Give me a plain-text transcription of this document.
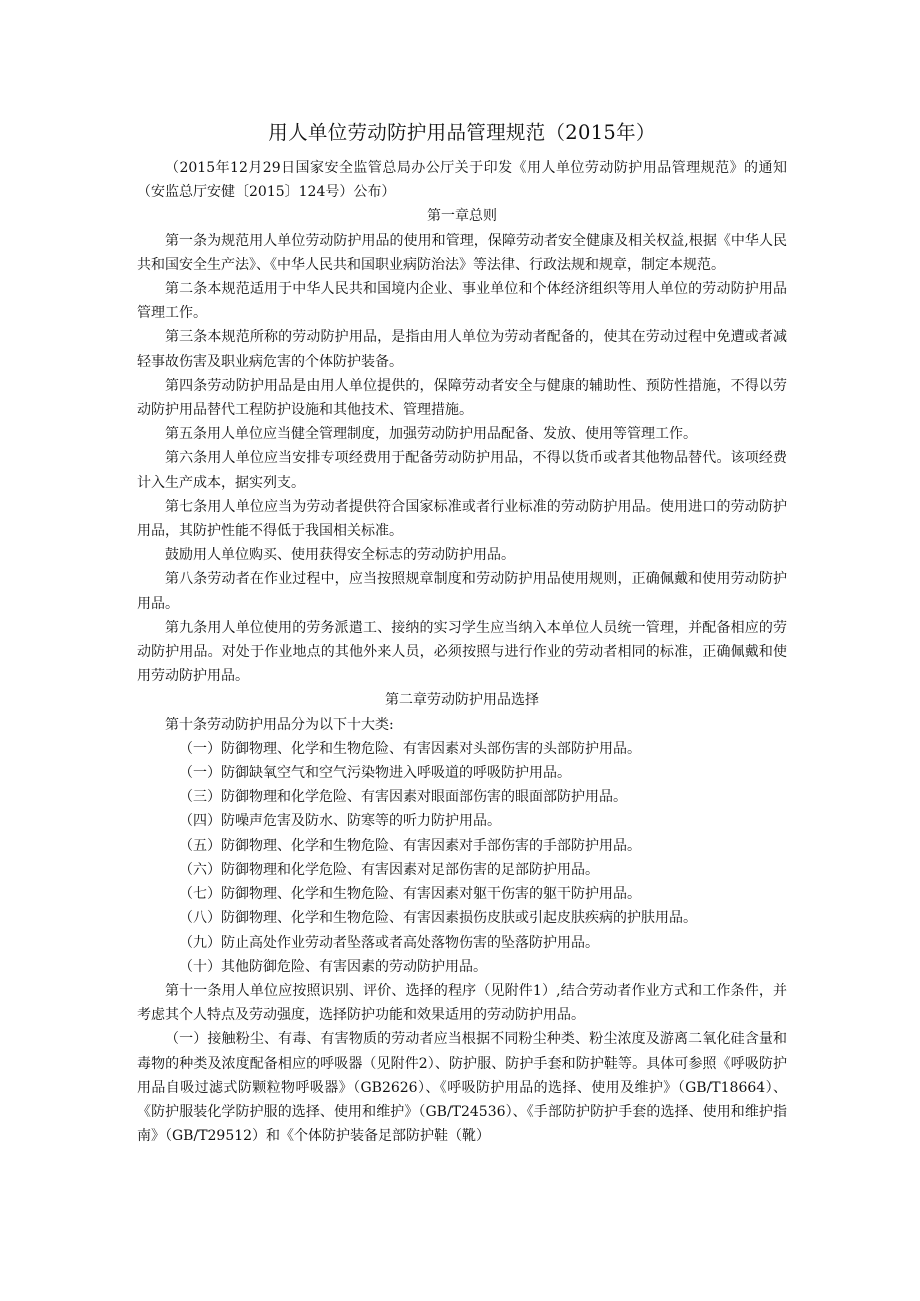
用人单位劳动防护用品管理规范（2015年）

（2015年12月29日国家安全监管总局办公厅关于印发《用人单位劳动防护用品管理规范》的通知（安监总厅安健〔2015〕124号）公布）

第一章总则

第一条为规范用人单位劳动防护用品的使用和管理，保障劳动者安全健康及相关权益,根据《中华人民共和国安全生产法》、《中华人民共和国职业病防治法》等法律、行政法规和规章，制定本规范。

第二条本规范适用于中华人民共和国境内企业、事业单位和个体经济组织等用人单位的劳动防护用品管理工作。

第三条本规范所称的劳动防护用品，是指由用人单位为劳动者配备的，使其在劳动过程中免遭或者减轻事故伤害及职业病危害的个体防护装备。

第四条劳动防护用品是由用人单位提供的，保障劳动者安全与健康的辅助性、预防性措施，不得以劳动防护用品替代工程防护设施和其他技术、管理措施。

第五条用人单位应当健全管理制度，加强劳动防护用品配备、发放、使用等管理工作。

第六条用人单位应当安排专项经费用于配备劳动防护用品，不得以货币或者其他物品替代。该项经费计入生产成本，据实列支。

第七条用人单位应当为劳动者提供符合国家标准或者行业标准的劳动防护用品。使用进口的劳动防护用品，其防护性能不得低于我国相关标准。

鼓励用人单位购买、使用获得安全标志的劳动防护用品。

第八条劳动者在作业过程中，应当按照规章制度和劳动防护用品使用规则，正确佩戴和使用劳动防护用品。

第九条用人单位使用的劳务派遣工、接纳的实习学生应当纳入本单位人员统一管理，并配备相应的劳动防护用品。对处于作业地点的其他外来人员，必须按照与进行作业的劳动者相同的标准，正确佩戴和使用劳动防护用品。

第二章劳动防护用品选择

第十条劳动防护用品分为以下十大类:

（一）防御物理、化学和生物危险、有害因素对头部伤害的头部防护用品。

（一）防御缺氧空气和空气污染物进入呼吸道的呼吸防护用品。

（三）防御物理和化学危险、有害因素对眼面部伤害的眼面部防护用品。

（四）防噪声危害及防水、防寒等的听力防护用品。

（五）防御物理、化学和生物危险、有害因素对手部伤害的手部防护用品。

（六）防御物理和化学危险、有害因素对足部伤害的足部防护用品。

（七）防御物理、化学和生物危险、有害因素对躯干伤害的躯干防护用品。

（八）防御物理、化学和生物危险、有害因素损伤皮肤或引起皮肤疾病的护肤用品。

（九）防止高处作业劳动者坠落或者高处落物伤害的坠落防护用品。

（十）其他防御危险、有害因素的劳动防护用品。

第十一条用人单位应按照识别、评价、选择的程序（见附件1）,结合劳动者作业方式和工作条件，并考虑其个人特点及劳动强度，选择防护功能和效果适用的劳动防护用品。

（一）接触粉尘、有毒、有害物质的劳动者应当根据不同粉尘种类、粉尘浓度及游离二氧化硅含量和毒物的种类及浓度配备相应的呼吸器（见附件2）、防护服、防护手套和防护鞋等。具体可参照《呼吸防护用品自吸过滤式防颗粒物呼吸器》（GB2626）、《呼吸防护用品的选择、使用及维护》（GB/T18664）、《防护服装化学防护服的选择、使用和维护》（GB/T24536）、《手部防护防护手套的选择、使用和维护指南》（GB/T29512）和《个体防护装备足部防护鞋（靴）
